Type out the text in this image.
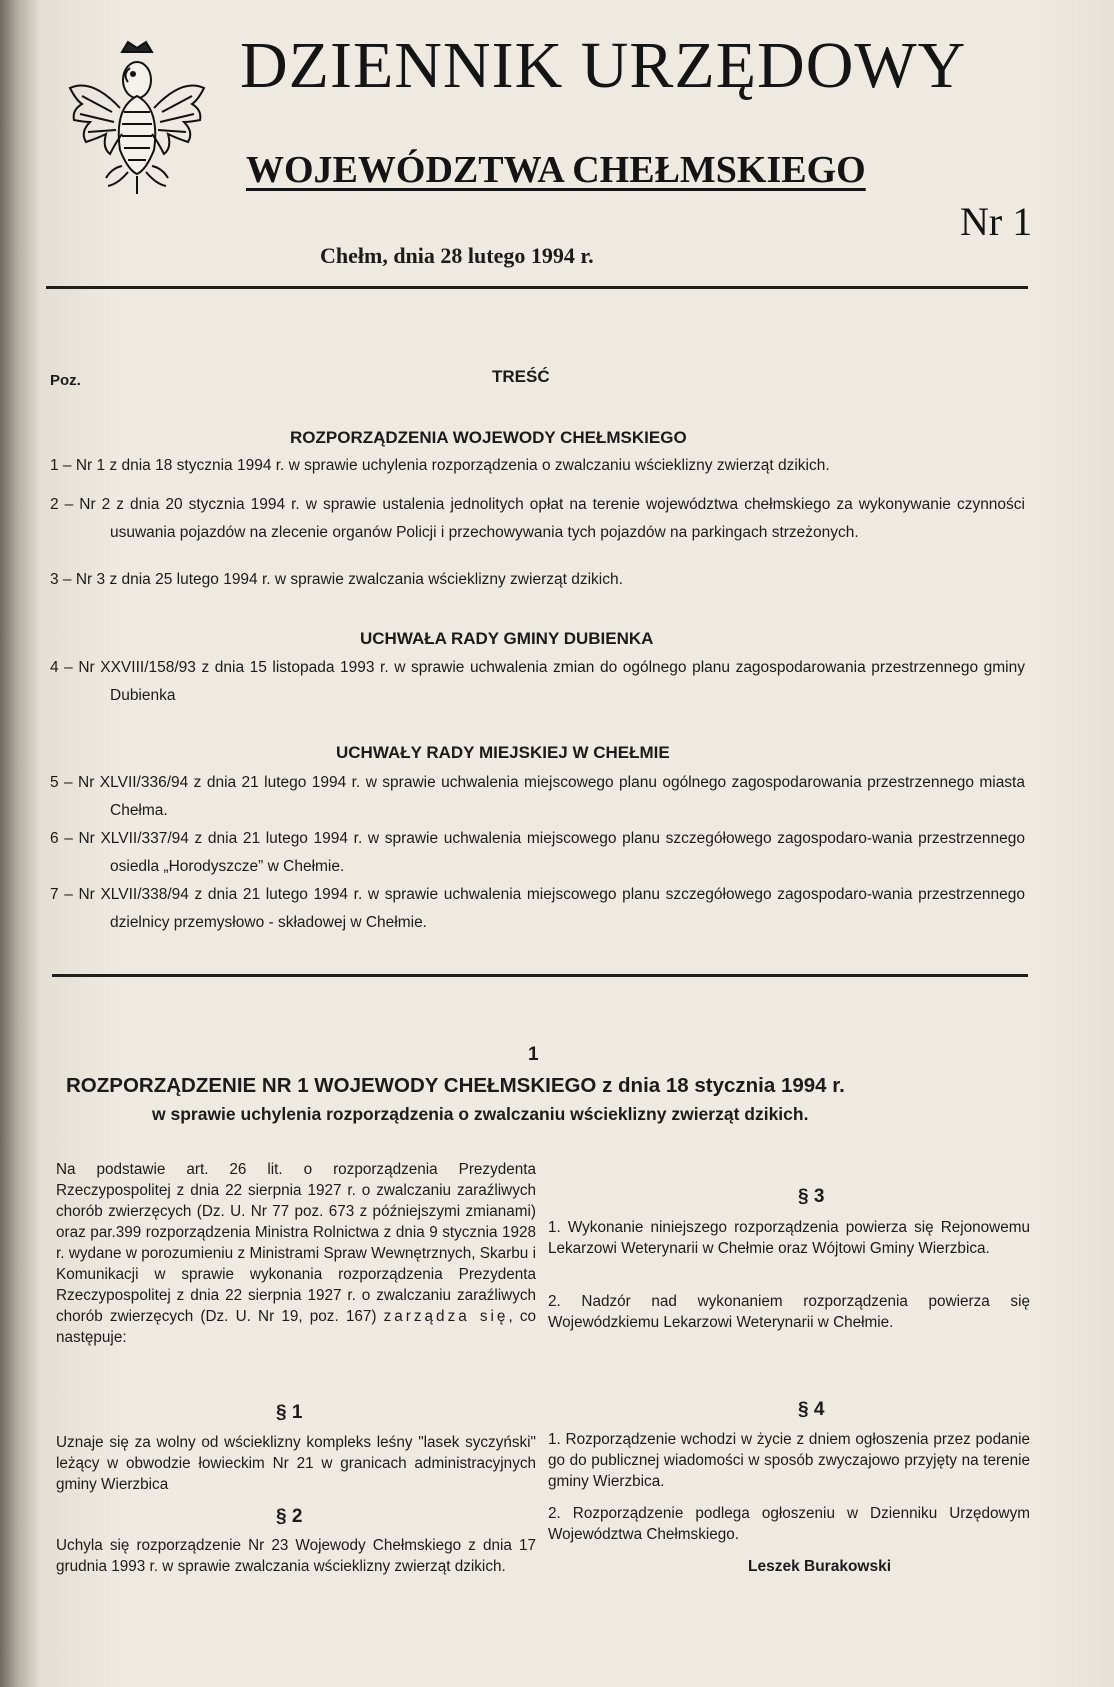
DZIENNIK URZĘDOWY
WOJEWÓDZTWA CHEŁMSKIEGO
Nr 1
Chełm, dnia 28 lutego 1994 r.
Poz.	TREŚĆ
ROZPORZĄDZENIA WOJEWODY CHEŁMSKIEGO
1 – Nr 1 z dnia 18 stycznia 1994 r. w sprawie uchylenia rozporządzenia o zwalczaniu wścieklizny zwierząt dzikich.
2 – Nr 2 z dnia 20 stycznia 1994 r. w sprawie ustalenia jednolitych opłat na terenie województwa chełmskiego za wykonywanie czynności usuwania pojazdów na zlecenie organów Policji i przechowywania tych pojazdów na parkingach strzeżonych.
3 – Nr 3 z dnia 25 lutego 1994 r. w sprawie zwalczania wścieklizny zwierząt dzikich.
UCHWAŁA RADY GMINY DUBIENKA
4 – Nr XXVIII/158/93 z dnia 15 listopada 1993 r. w sprawie uchwalenia zmian do ogólnego planu zagospodarowania przestrzennego gminy Dubienka
UCHWAŁY RADY MIEJSKIEJ W CHEŁMIE
5 – Nr XLVII/336/94 z dnia 21 lutego 1994 r. w sprawie uchwalenia miejscowego planu ogólnego zagospodarowania przestrzennego miasta Chełma.
6 – Nr XLVII/337/94 z dnia 21 lutego 1994 r. w sprawie uchwalenia miejscowego planu szczegółowego zagospodaro-wania przestrzennego osiedla „Horodyszcze” w Chełmie.
7 – Nr XLVII/338/94 z dnia 21 lutego 1994 r. w sprawie uchwalenia miejscowego planu szczegółowego zagospodaro-wania przestrzennego dzielnicy przemysłowo - składowej w Chełmie.
1
ROZPORZĄDZENIE NR 1 WOJEWODY CHEŁMSKIEGO z dnia 18 stycznia 1994 r.
w sprawie uchylenia rozporządzenia o zwalczaniu wścieklizny zwierząt dzikich.
Na podstawie art. 26 lit. o rozporządzenia Prezydenta Rzeczypospolitej z dnia 22 sierpnia 1927 r. o zwalczaniu zaraźliwych chorób zwierzęcych (Dz. U. Nr 77 poz. 673 z późniejszymi zmianami) oraz par.399 rozporządzenia Ministra Rolnictwa z dnia 9 stycznia 1928 r. wydane w porozumieniu z Ministrami Spraw Wewnętrznych, Skarbu i Komunikacji w sprawie wykonania rozporządzenia Prezydenta Rzeczypospolitej z dnia 22 sierpnia 1927 r. o zwalczaniu zaraźliwych chorób zwierzęcych (Dz. U. Nr 19, poz. 167) zarządza się, co następuje:
§ 1
Uznaje się za wolny od wścieklizny kompleks leśny "lasek syczyński" leżący w obwodzie łowieckim Nr 21 w granicach administracyjnych gminy Wierzbica
§ 2
Uchyla się rozporządzenie Nr 23 Wojewody Chełmskiego z dnia 17 grudnia 1993 r. w sprawie zwalczania wścieklizny zwierząt dzikich.
§ 3
1. Wykonanie niniejszego rozporządzenia powierza się Rejonowemu Lekarzowi Weterynarii w Chełmie oraz Wójtowi Gminy Wierzbica.
2. Nadzór nad wykonaniem rozporządzenia powierza się Wojewódzkiemu Lekarzowi Weterynarii w Chełmie.
§ 4
1. Rozporządzenie wchodzi w życie z dniem ogłoszenia przez podanie go do publicznej wiadomości w sposób zwyczajowo przyjęty na terenie gminy Wierzbica.
2. Rozporządzenie podlega ogłoszeniu w Dzienniku Urzędowym Województwa Chełmskiego.
Leszek Burakowski
